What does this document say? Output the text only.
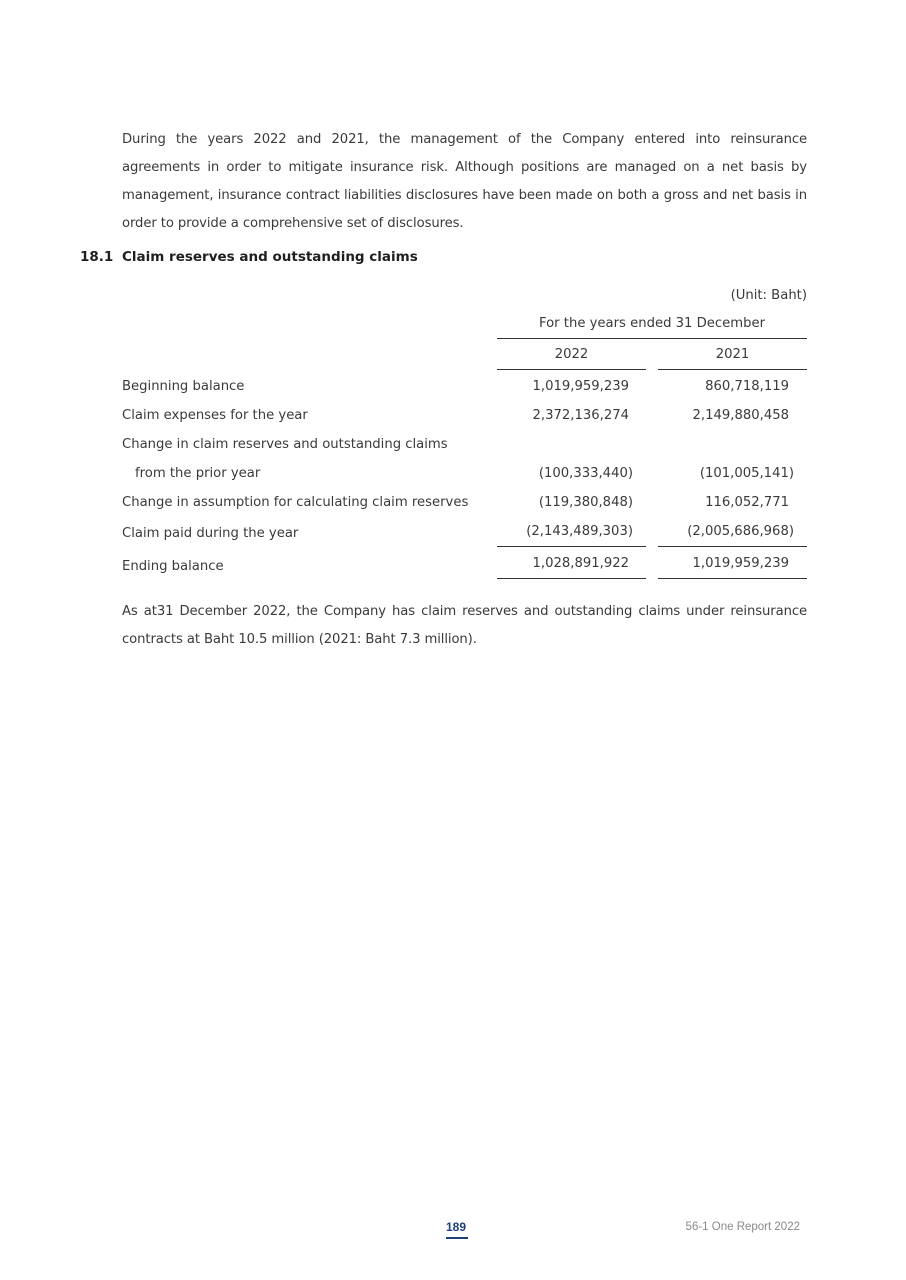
During the years 2022 and 2021, the management of the Company entered into reinsurance agreements in order to mitigate insurance risk. Although positions are managed on a net basis by management, insurance contract liabilities disclosures have been made on both a gross and net basis in order to provide a comprehensive set of disclosures.
18.1 Claim reserves and outstanding claims
(Unit: Baht)
For the years ended 31 December
2022	2021
Beginning balance	1,019,959,239	860,718,119
Claim expenses for the year	2,372,136,274	2,149,880,458
Change in claim reserves and outstanding claims
from the prior year	(100,333,440)	(101,005,141)
Change in assumption for calculating claim reserves	(119,380,848)	116,052,771
Claim paid during the year	(2,143,489,303)	(2,005,686,968)
Ending balance	1,028,891,922	1,019,959,239
As at31 December 2022, the Company has claim reserves and outstanding claims under reinsurance contracts at Baht 10.5 million (2021: Baht 7.3 million).
189	56-1 One Report 2022
